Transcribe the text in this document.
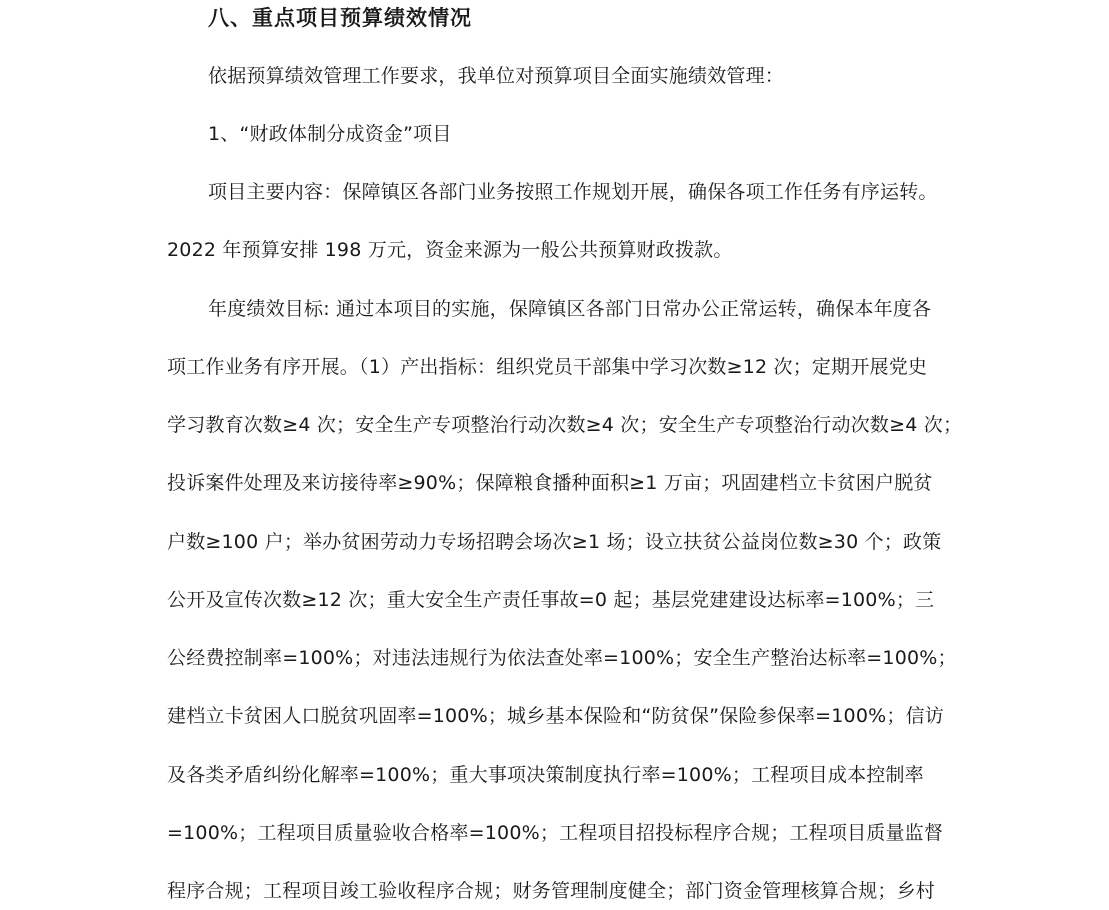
八、重点项目预算绩效情况
依据预算绩效管理工作要求，我单位对预算项目全面实施绩效管理：
1、“财政体制分成资金”项目
项目主要内容：保障镇区各部门业务按照工作规划开展，确保各项工作任务有序运转。
2022 年预算安排 198 万元，资金来源为一般公共预算财政拨款。
年度绩效目标: 通过本项目的实施，保障镇区各部门日常办公正常运转，确保本年度各
项工作业务有序开展。（1）产出指标：组织党员干部集中学习次数≥12 次；定期开展党史
学习教育次数≥4 次；安全生产专项整治行动次数≥4 次；安全生产专项整治行动次数≥4 次；
投诉案件处理及来访接待率≥90%；保障粮食播种面积≥1 万亩；巩固建档立卡贫困户脱贫
户数≥100 户；举办贫困劳动力专场招聘会场次≥1 场；设立扶贫公益岗位数≥30 个；政策
公开及宣传次数≥12 次；重大安全生产责任事故=0 起；基层党建建设达标率=100%；三
公经费控制率=100%；对违法违规行为依法查处率=100%；安全生产整治达标率=100%；
建档立卡贫困人口脱贫巩固率=100%；城乡基本保险和“防贫保”保险参保率=100%；信访
及各类矛盾纠纷化解率=100%；重大事项决策制度执行率=100%；工程项目成本控制率
=100%；工程项目质量验收合格率=100%；工程项目招投标程序合规；工程项目质量监督
程序合规；工程项目竣工验收程序合规；财务管理制度健全；部门资金管理核算合规；乡村
